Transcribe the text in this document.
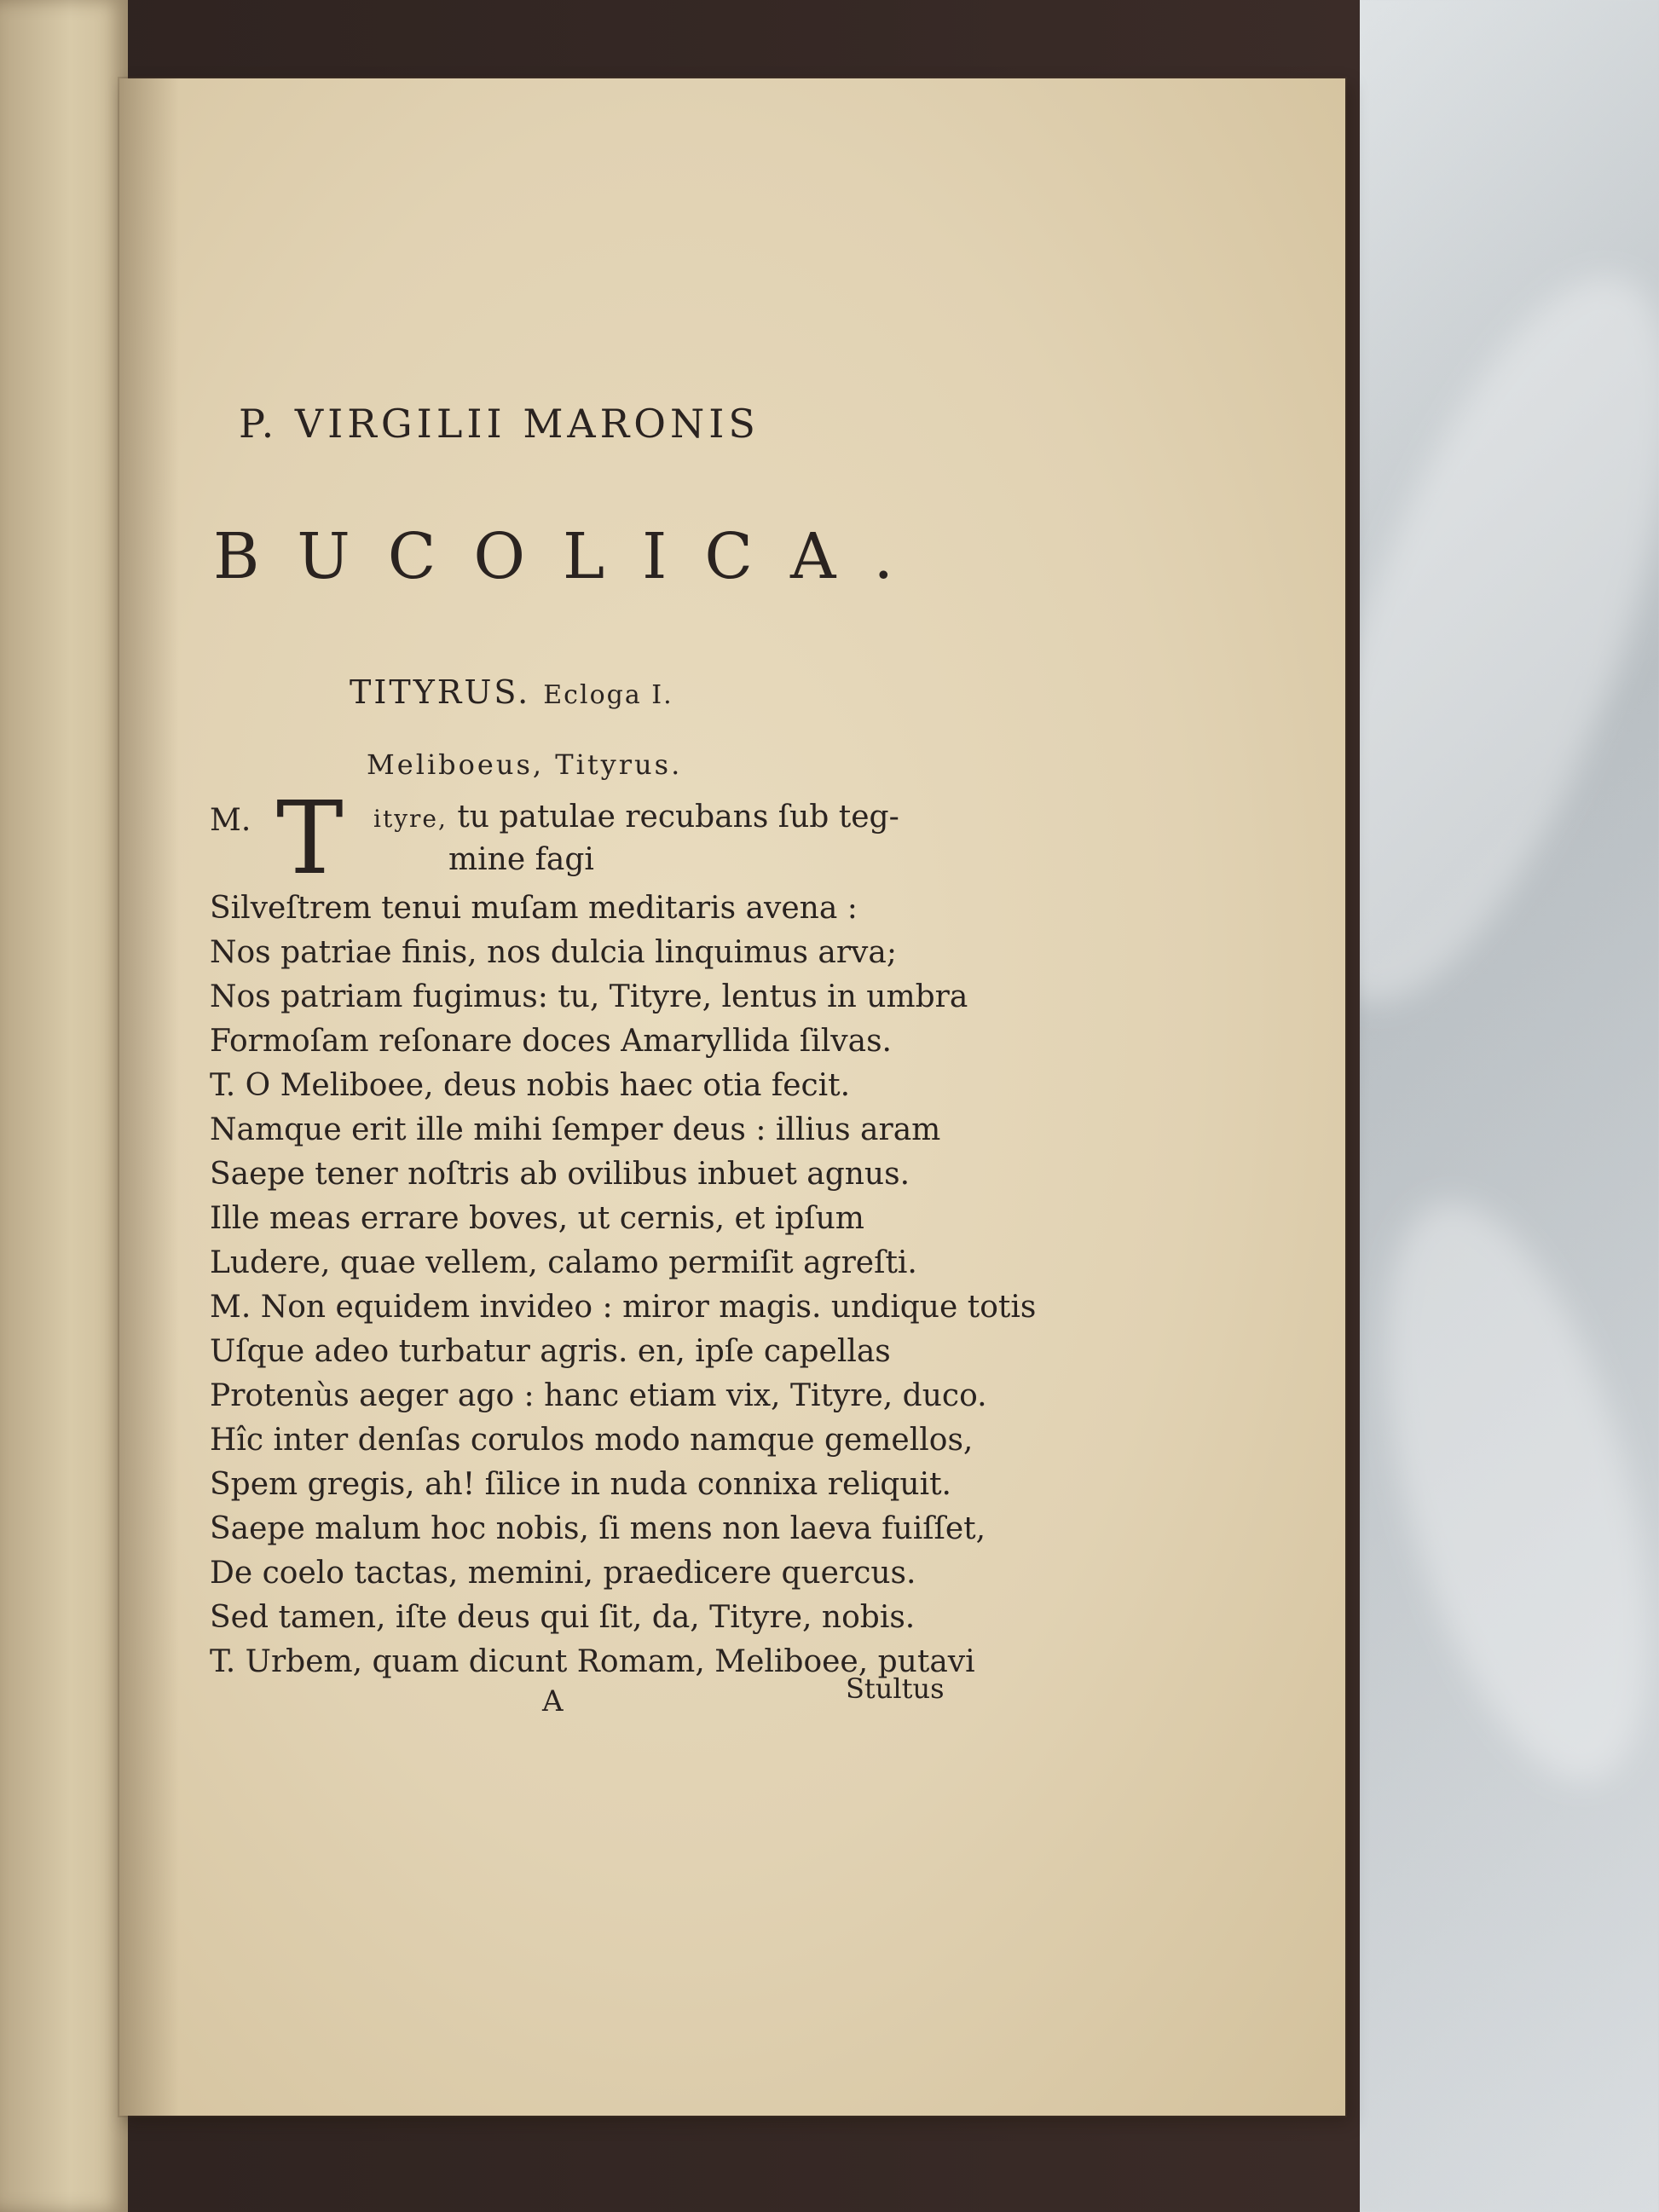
P. VIRGILII MARONIS
BUCOLICA.
TITYRUS. Ecloga I.
Meliboeus, Tityrus.
M. T ityre, tu patulae recubans ſub teg-
mine fagi
Silveſtrem tenui muſam meditaris avena :
Nos patriae finis, nos dulcia linquimus arva;
Nos patriam fugimus: tu, Tityre, lentus in umbra
Formoſam reſonare doces Amaryllida ſilvas.
T. O Meliboee, deus nobis haec otia fecit.
Namque erit ille mihi ſemper deus : illius aram
Saepe tener noſtris ab ovilibus inbuet agnus.
Ille meas errare boves, ut cernis, et ipſum
Ludere, quae vellem, calamo permiſit agreſti.
M. Non equidem invideo : miror magis. undique totis
Uſque adeo turbatur agris. en, ipſe capellas
Protenùs aeger ago : hanc etiam vix, Tityre, duco.
Hîc inter denſas corulos modo namque gemellos,
Spem gregis, ah! ſilice in nuda connixa reliquit.
Saepe malum hoc nobis, ſi mens non laeva fuiſſet,
De coelo tactas, memini, praedicere quercus.
Sed tamen, iſte deus qui ſit, da, Tityre, nobis.
T. Urbem, quam dicunt Romam, Meliboee, putavi
A	Stultus
